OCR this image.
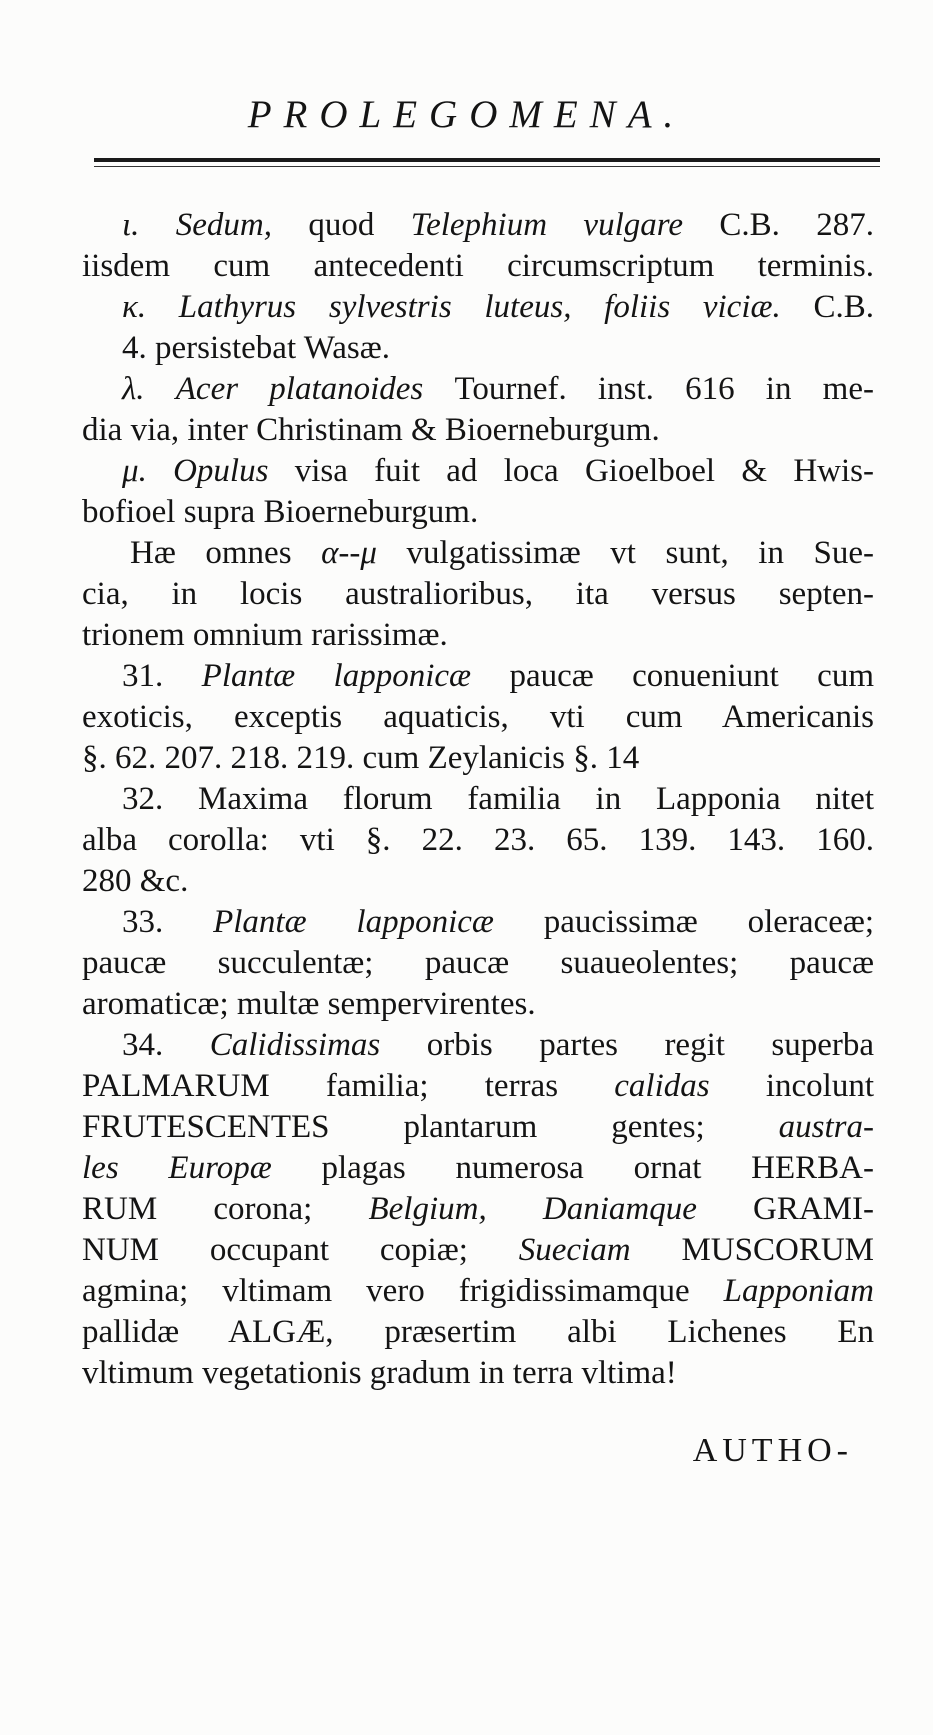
PROLEGOMENA.
ι. Sedum, quod Telephium vulgare C.B. 287.
iisdem cum antecedenti circumscriptum terminis.
κ. Lathyrus sylvestris luteus, foliis viciæ. C.B.
4. persistebat Wasæ.
λ. Acer platanoides Tournef. inst. 616 in me-
dia via, inter Christinam & Bioerneburgum.
μ. Opulus visa fuit ad loca Gioelboel & Hwis-
bofioel supra Bioerneburgum.
Hæ omnes α--μ vulgatissimæ vt sunt, in Sue-
cia, in locis australioribus, ita versus septen-
trionem omnium rarissimæ.
31. Plantæ lapponicæ paucæ conueniunt cum
exoticis, exceptis aquaticis, vti cum Americanis
§. 62. 207. 218. 219. cum Zeylanicis §. 14
32. Maxima florum familia in Lapponia nitet
alba corolla: vti §. 22. 23. 65. 139. 143. 160.
280 &c.
33. Plantæ lapponicæ paucissimæ oleraceæ;
paucæ succulentæ; paucæ suaueolentes; paucæ
aromaticæ; multæ sempervirentes.
34. Calidissimas orbis partes regit superba
PALMARUM familia; terras calidas incolunt
FRUTESCENTES plantarum gentes; austra-
les Europæ plagas numerosa ornat HERBA-
RUM corona; Belgium, Daniamque GRAMI-
NUM occupant copiæ; Sueciam MUSCORUM
agmina; vltimam vero frigidissimamque Lapponiam
pallidæ ALGÆ, præsertim albi Lichenes En
vltimum vegetationis gradum in terra vltima!
AUTHO-
